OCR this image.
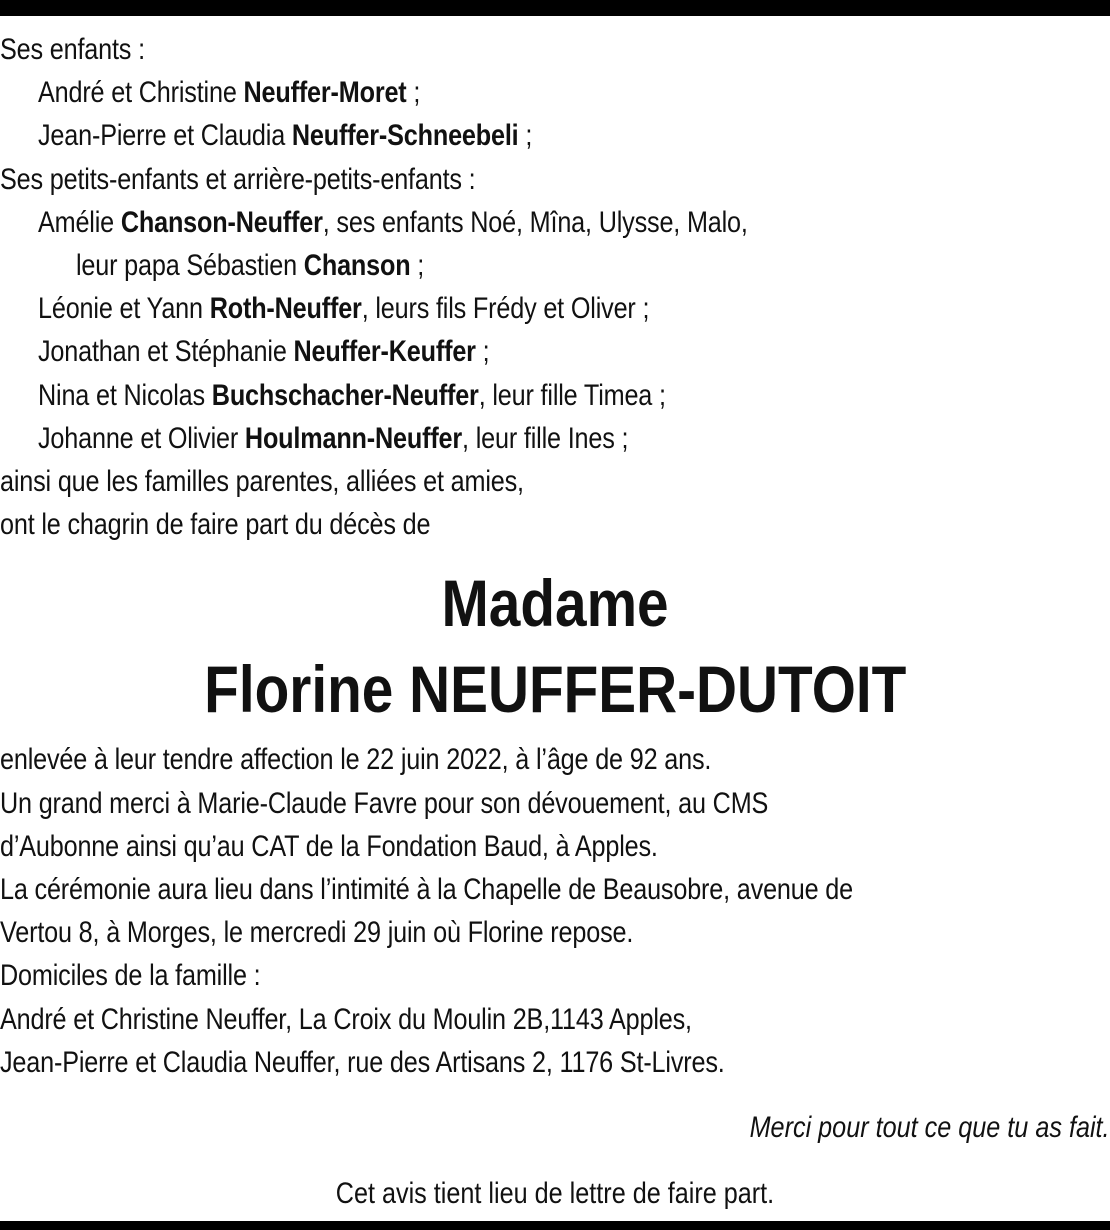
Ses enfants :
André et Christine Neuffer-Moret ;
Jean-Pierre et Claudia Neuffer-Schneebeli ;
Ses petits-enfants et arrière-petits-enfants :
Amélie Chanson-Neuffer, ses enfants Noé, Mîna, Ulysse, Malo,
leur papa Sébastien Chanson ;
Léonie et Yann Roth-Neuffer, leurs fils Frédy et Oliver ;
Jonathan et Stéphanie Neuffer-Keuffer ;
Nina et Nicolas Buchschacher-Neuffer, leur fille Timea ;
Johanne et Olivier Houlmann-Neuffer, leur fille Ines ;
ainsi que les familles parentes, alliées et amies,
ont le chagrin de faire part du décès de
Madame
Florine NEUFFER-DUTOIT
enlevée à leur tendre affection le 22 juin 2022, à l’âge de 92 ans.
Un grand merci à Marie-Claude Favre pour son dévouement, au CMS
d’Aubonne ainsi qu’au CAT de la Fondation Baud, à Apples.
La cérémonie aura lieu dans l’intimité à la Chapelle de Beausobre, avenue de
Vertou 8, à Morges, le mercredi 29 juin où Florine repose.
Domiciles de la famille :
André et Christine Neuffer, La Croix du Moulin 2B,1143 Apples,
Jean-Pierre et Claudia Neuffer, rue des Artisans 2, 1176 St-Livres.
Merci pour tout ce que tu as fait.
Cet avis tient lieu de lettre de faire part.
